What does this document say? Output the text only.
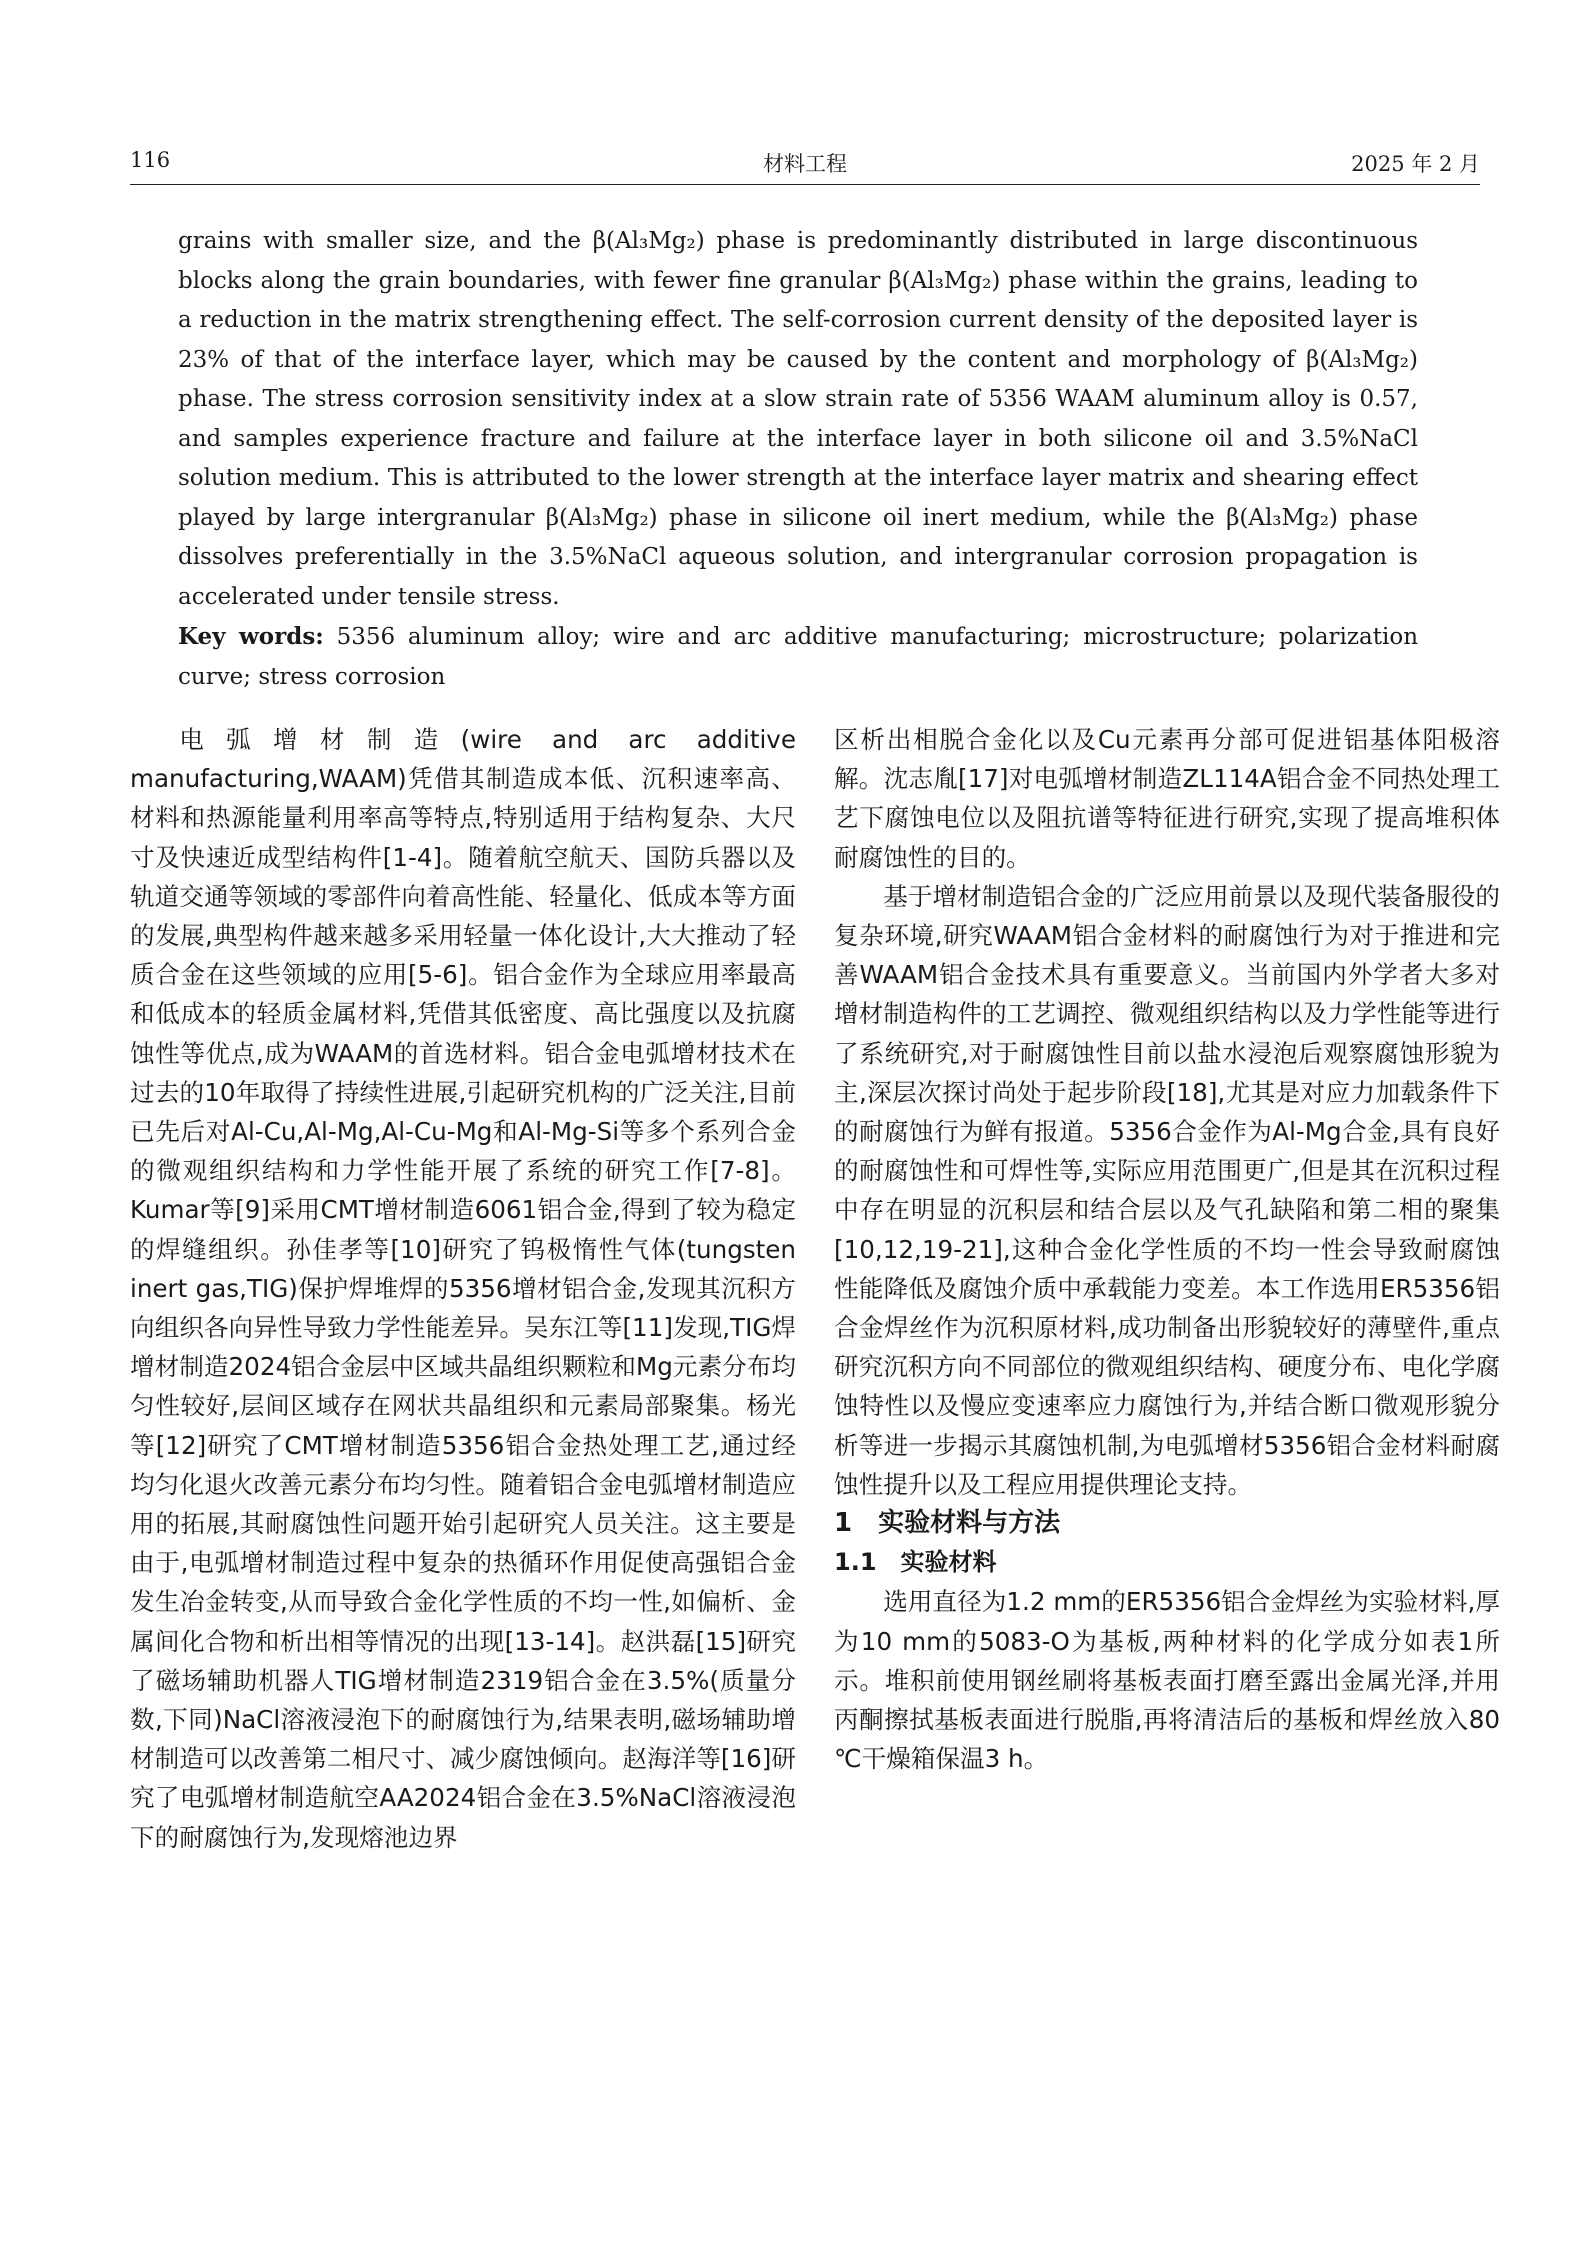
116	材料工程	2025 年 2 月

grains with smaller size, and the β(Al₃Mg₂) phase is predominantly distributed in large discontinuous blocks along the grain boundaries, with fewer fine granular β(Al₃Mg₂) phase within the grains, leading to a reduction in the matrix strengthening effect. The self-corrosion current density of the deposited layer is 23% of that of the interface layer, which may be caused by the content and morphology of β(Al₃Mg₂) phase. The stress corrosion sensitivity index at a slow strain rate of 5356 WAAM aluminum alloy is 0.57, and samples experience fracture and failure at the interface layer in both silicone oil and 3.5%NaCl solution medium. This is attributed to the lower strength at the interface layer matrix and shearing effect played by large intergranular β(Al₃Mg₂) phase in silicone oil inert medium, while the β(Al₃Mg₂) phase dissolves preferentially in the 3.5%NaCl aqueous solution, and intergranular corrosion propagation is accelerated under tensile stress.

Key words: 5356 aluminum alloy; wire and arc additive manufacturing; microstructure; polarization curve; stress corrosion

电弧增材制造(wire and arc additive manufacturing,WAAM)凭借其制造成本低、沉积速率高、材料和热源能量利用率高等特点,特别适用于结构复杂、大尺寸及快速近成型结构件[1-4]。随着航空航天、国防兵器以及轨道交通等领域的零部件向着高性能、轻量化、低成本等方面的发展,典型构件越来越多采用轻量一体化设计,大大推动了轻质合金在这些领域的应用[5-6]。铝合金作为全球应用率最高和低成本的轻质金属材料,凭借其低密度、高比强度以及抗腐蚀性等优点,成为WAAM的首选材料。铝合金电弧增材技术在过去的10年取得了持续性进展,引起研究机构的广泛关注,目前已先后对Al-Cu,Al-Mg,Al-Cu-Mg和Al-Mg-Si等多个系列合金的微观组织结构和力学性能开展了系统的研究工作[7-8]。Kumar等[9]采用CMT增材制造6061铝合金,得到了较为稳定的焊缝组织。孙佳孝等[10]研究了钨极惰性气体(tungsten inert gas,TIG)保护焊堆焊的5356增材铝合金,发现其沉积方向组织各向异性导致力学性能差异。吴东江等[11]发现,TIG焊增材制造2024铝合金层中区域共晶组织颗粒和Mg元素分布均匀性较好,层间区域存在网状共晶组织和元素局部聚集。杨光等[12]研究了CMT增材制造5356铝合金热处理工艺,通过经均匀化退火改善元素分布均匀性。随着铝合金电弧增材制造应用的拓展,其耐腐蚀性问题开始引起研究人员关注。这主要是由于,电弧增材制造过程中复杂的热循环作用促使高强铝合金发生冶金转变,从而导致合金化学性质的不均一性,如偏析、金属间化合物和析出相等情况的出现[13-14]。赵洪磊[15]研究了磁场辅助机器人TIG增材制造2319铝合金在3.5%(质量分数,下同)NaCl溶液浸泡下的耐腐蚀行为,结果表明,磁场辅助增材制造可以改善第二相尺寸、减少腐蚀倾向。赵海洋等[16]研究了电弧增材制造航空AA2024铝合金在3.5%NaCl溶液浸泡下的耐腐蚀行为,发现熔池边界

区析出相脱合金化以及Cu元素再分部可促进铝基体阳极溶解。沈志胤[17]对电弧增材制造ZL114A铝合金不同热处理工艺下腐蚀电位以及阻抗谱等特征进行研究,实现了提高堆积体耐腐蚀性的目的。

基于增材制造铝合金的广泛应用前景以及现代装备服役的复杂环境,研究WAAM铝合金材料的耐腐蚀行为对于推进和完善WAAM铝合金技术具有重要意义。当前国内外学者大多对增材制造构件的工艺调控、微观组织结构以及力学性能等进行了系统研究,对于耐腐蚀性目前以盐水浸泡后观察腐蚀形貌为主,深层次探讨尚处于起步阶段[18],尤其是对应力加载条件下的耐腐蚀行为鲜有报道。5356合金作为Al-Mg合金,具有良好的耐腐蚀性和可焊性等,实际应用范围更广,但是其在沉积过程中存在明显的沉积层和结合层以及气孔缺陷和第二相的聚集[10,12,19-21],这种合金化学性质的不均一性会导致耐腐蚀性能降低及腐蚀介质中承载能力变差。本工作选用ER5356铝合金焊丝作为沉积原材料,成功制备出形貌较好的薄壁件,重点研究沉积方向不同部位的微观组织结构、硬度分布、电化学腐蚀特性以及慢应变速率应力腐蚀行为,并结合断口微观形貌分析等进一步揭示其腐蚀机制,为电弧增材5356铝合金材料耐腐蚀性提升以及工程应用提供理论支持。

1　实验材料与方法

1.1　实验材料

选用直径为1.2 mm的ER5356铝合金焊丝为实验材料,厚为10 mm的5083-O为基板,两种材料的化学成分如表1所示。堆积前使用钢丝刷将基板表面打磨至露出金属光泽,并用丙酮擦拭基板表面进行脱脂,再将清洁后的基板和焊丝放入80 ℃干燥箱保温3 h。
